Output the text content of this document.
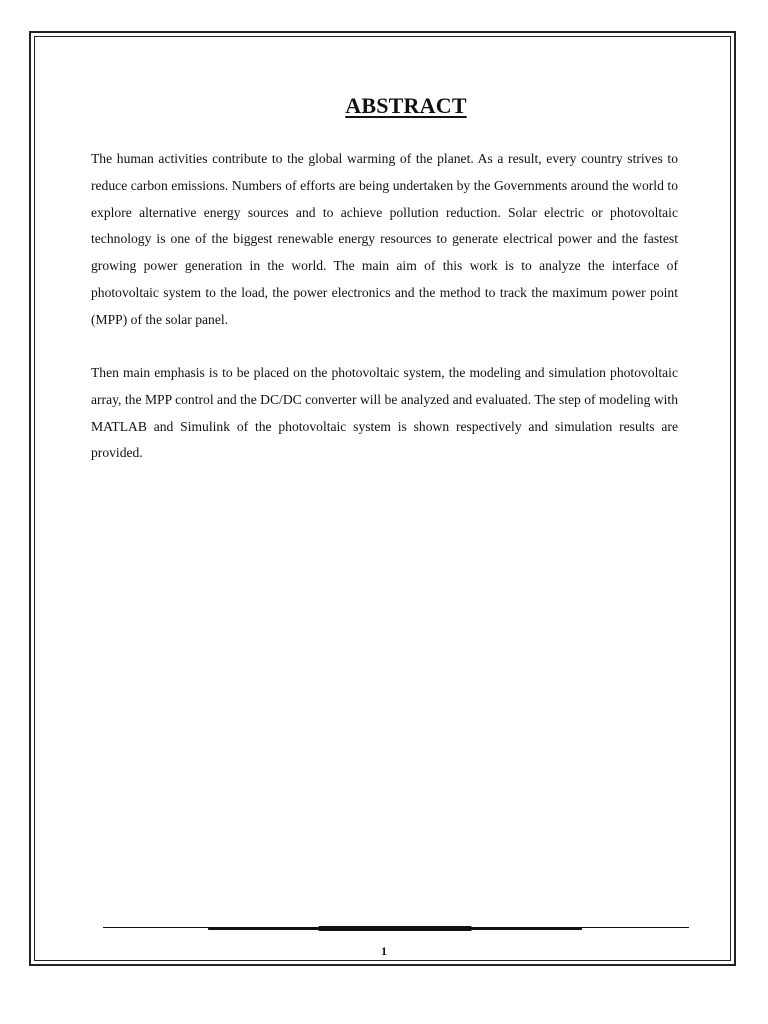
ABSTRACT

The human activities contribute to the global warming of the planet. As a result, every country strives to reduce carbon emissions. Numbers of efforts are being undertaken by the Governments around the world to explore alternative energy sources and to achieve pollution reduction. Solar electric or photovoltaic technology is one of the biggest renewable energy resources to generate electrical power and the fastest growing power generation in the world. The main aim of this work is to analyze the interface of photovoltaic system to the load, the power electronics and the method to track the maximum power point (MPP) of the solar panel.

Then main emphasis is to be placed on the photovoltaic system, the modeling and simulation photovoltaic array, the MPP control and the DC/DC converter will be analyzed and evaluated. The step of modeling with MATLAB and Simulink of the photovoltaic system is shown respectively and simulation results are provided.

1
